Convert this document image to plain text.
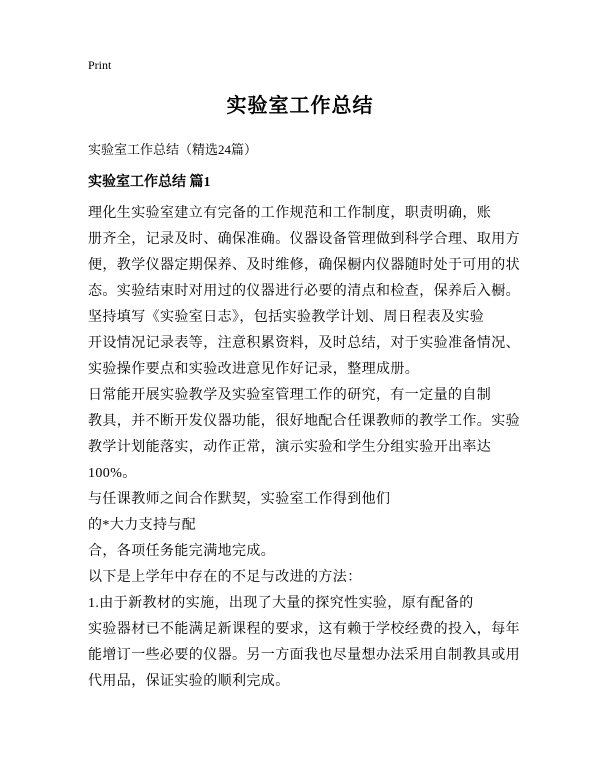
Print
实验室工作总结
实验室工作总结（精选24篇）
实验室工作总结 篇1
理化生实验室建立有完备的工作规范和工作制度，职责明确，账
册齐全，记录及时、确保准确。仪器设备管理做到科学合理、取用方
便，教学仪器定期保养、及时维修，确保橱内仪器随时处于可用的状
态。实验结束时对用过的仪器进行必要的清点和检查，保养后入橱。
坚持填写《实验室日志》，包括实验教学计划、周日程表及实验
开设情况记录表等，注意积累资料，及时总结，对于实验准备情况、
实验操作要点和实验改进意见作好记录，整理成册。
日常能开展实验教学及实验室管理工作的研究，有一定量的自制
教具，并不断开发仪器功能，很好地配合任课教师的教学工作。实验
教学计划能落实，动作正常，演示实验和学生分组实验开出率达
100%。
与任课教师之间合作默契，实验室工作得到他们
的*大力支持与配
合，各项任务能完满地完成。
以下是上学年中存在的不足与改进的方法：
1.由于新教材的实施，出现了大量的探究性实验，原有配备的
实验器材已不能满足新课程的要求，这有赖于学校经费的投入，每年
能增订一些必要的仪器。另一方面我也尽量想办法采用自制教具或用
代用品，保证实验的顺利完成。
